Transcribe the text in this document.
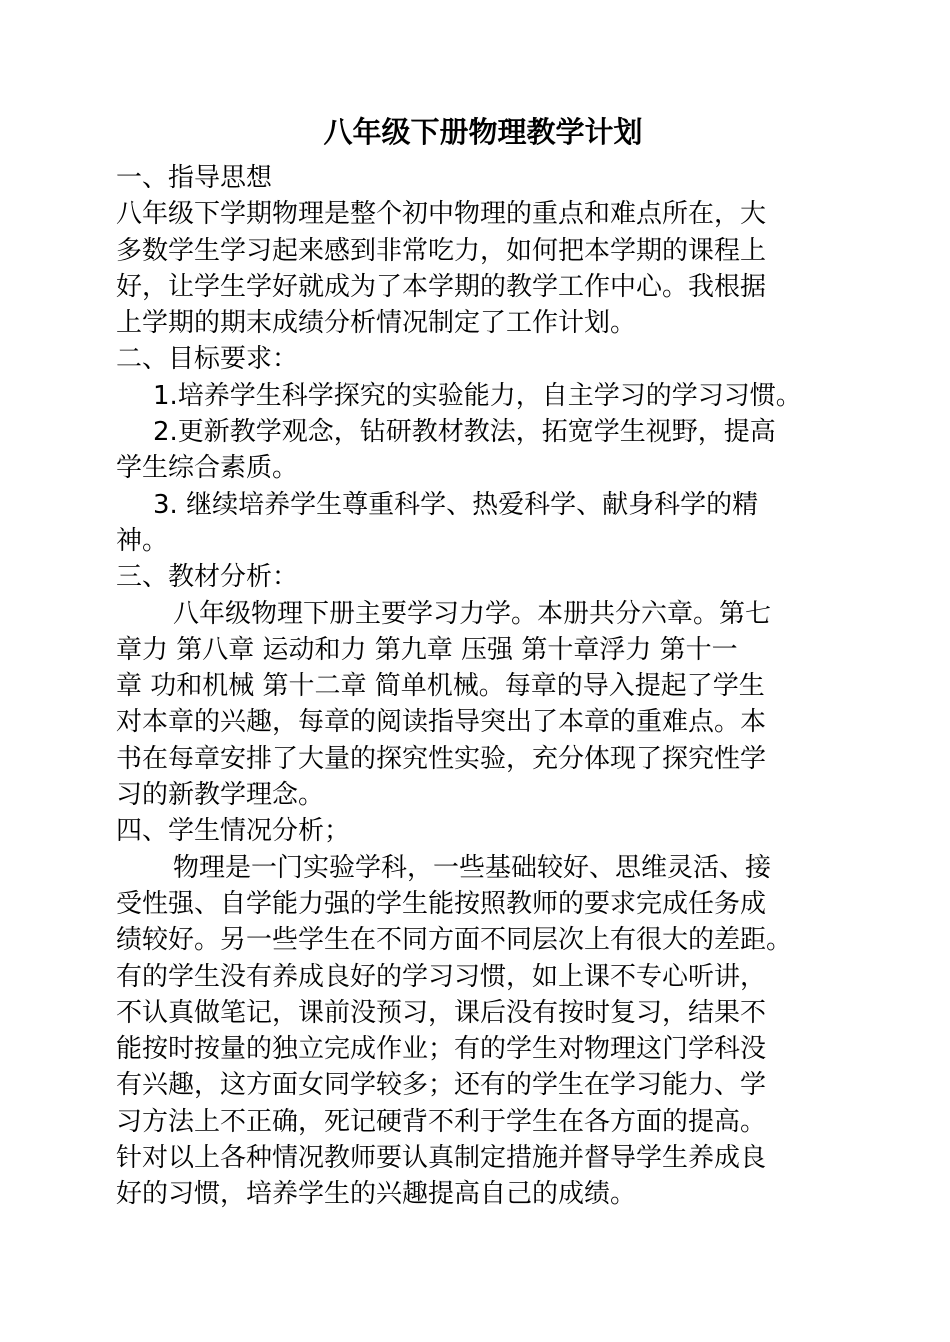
八年级下册物理教学计划
一、指导思想
八年级下学期物理是整个初中物理的重点和难点所在，大
多数学生学习起来感到非常吃力，如何把本学期的课程上
好，让学生学好就成为了本学期的教学工作中心。我根据
上学期的期末成绩分析情况制定了工作计划。
二、目标要求：
1.培养学生科学探究的实验能力，自主学习的学习习惯。
2.更新教学观念，钻研教材教法，拓宽学生视野，提高
学生综合素质。
3. 继续培养学生尊重科学、热爱科学、献身科学的精
神。
三、教材分析：
八年级物理下册主要学习力学。本册共分六章。第七
章力 第八章 运动和力 第九章 压强 第十章浮力 第十一
章 功和机械 第十二章 简单机械。每章的导入提起了学生
对本章的兴趣，每章的阅读指导突出了本章的重难点。本
书在每章安排了大量的探究性实验，充分体现了探究性学
习的新教学理念。
四、学生情况分析；
物理是一门实验学科，一些基础较好、思维灵活、接
受性强、自学能力强的学生能按照教师的要求完成任务成
绩较好。另一些学生在不同方面不同层次上有很大的差距。
有的学生没有养成良好的学习习惯，如上课不专心听讲，
不认真做笔记，课前没预习，课后没有按时复习，结果不
能按时按量的独立完成作业；有的学生对物理这门学科没
有兴趣，这方面女同学较多；还有的学生在学习能力、学
习方法上不正确，死记硬背不利于学生在各方面的提高。
针对以上各种情况教师要认真制定措施并督导学生养成良
好的习惯，培养学生的兴趣提高自己的成绩。
